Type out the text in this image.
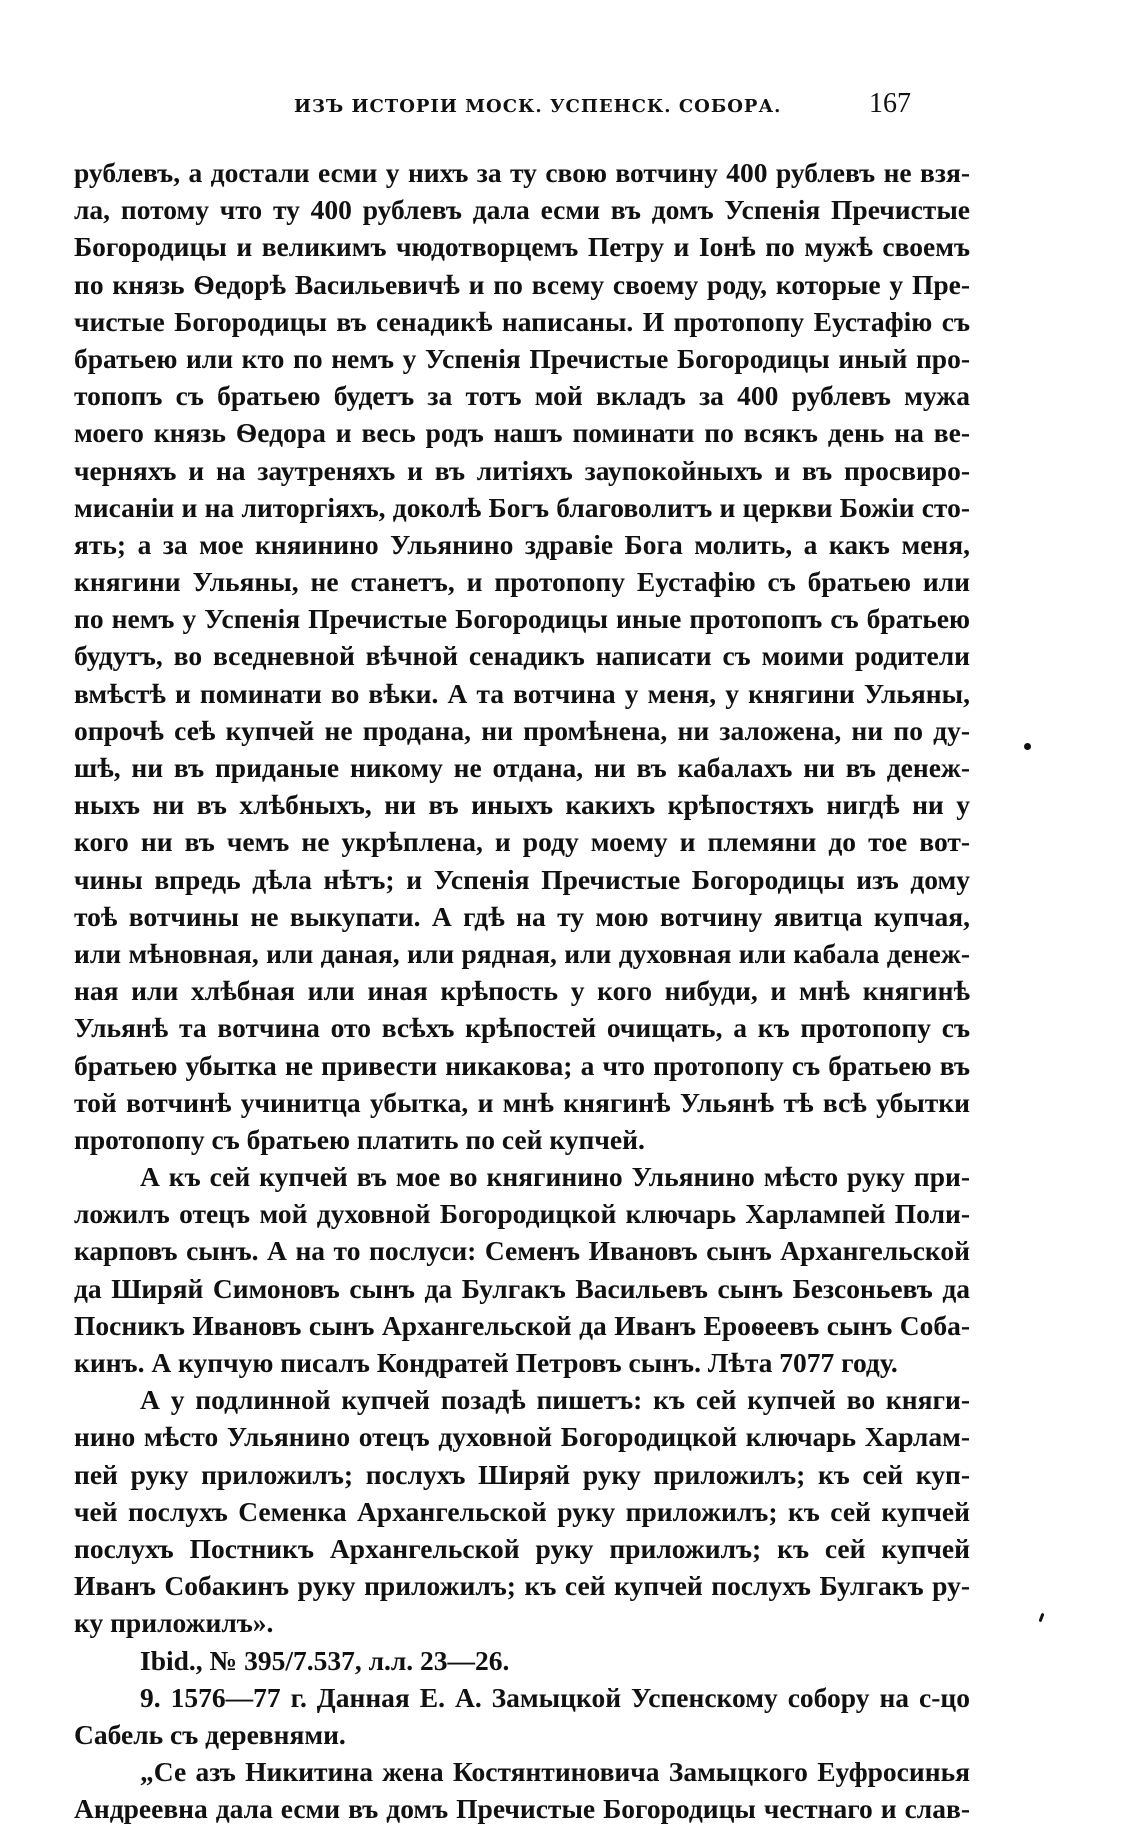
ИЗЪ ИСТОРІИ МОСК. УСПЕНСК. СОБОРА.	167
рублевъ, а достали есми у нихъ за ту свою вотчину 400 рублевъ не взя-
ла, потому что ту 400 рублевъ дала есми въ домъ Успенія Пречистые
Богородицы и великимъ чюдотворцемъ Петру и Іонѣ по мужѣ своемъ
по князь Ѳедорѣ Васильевичѣ и по всему своему роду, которые у Пре-
чистые Богородицы въ сенадикѣ написаны. И протопопу Еустафію съ
братьею или кто по немъ у Успенія Пречистые Богородицы иный про-
топопъ съ братьею будетъ за тотъ мой вкладъ за 400 рублевъ мужа
моего князь Ѳедора и весь родъ нашъ поминати по всякъ день на ве-
черняхъ и на заутреняхъ и въ литіяхъ заупокойныхъ и въ просвиро-
мисаніи и на литоргіяхъ, доколѣ Богъ благоволитъ и церкви Божіи сто-
ять; а за мое княинино Ульянино здравіе Бога молить, а какъ меня,
княгини Ульяны, не станетъ, и протопопу Еустафію съ братьею или
по немъ у Успенія Пречистые Богородицы иные протопопъ съ братьею
будутъ, во вседневной вѣчной сенадикъ написати съ моими родители
вмѣстѣ и поминати во вѣки. А та вотчина у меня, у княгини Ульяны,
опрочѣ сеѣ купчей не продана, ни промѣнена, ни заложена, ни по ду-
шѣ, ни въ приданые никому не отдана, ни въ кабалахъ ни въ денеж-
ныхъ ни въ хлѣбныхъ, ни въ иныхъ какихъ крѣпостяхъ нигдѣ ни у
кого ни въ чемъ не укрѣплена, и роду моему и племяни до тое вот-
чины впредь дѣла нѣтъ; и Успенія Пречистые Богородицы изъ дому
тоѣ вотчины не выкупати. А гдѣ на ту мою вотчину явитца купчая,
или мѣновная, или даная, или рядная, или духовная или кабала денеж-
ная или хлѣбная или иная крѣпость у кого нибуди, и мнѣ княгинѣ
Ульянѣ та вотчина ото всѣхъ крѣпостей очищать, а къ протопопу съ
братьею убытка не привести никакова; а что протопопу съ братьею въ
той вотчинѣ учинитца убытка, и мнѣ княгинѣ Ульянѣ тѣ всѣ убытки
протопопу съ братьею платить по сей купчей.
А къ сей купчей въ мое во княгинино Ульянино мѣсто руку при-
ложилъ отецъ мой духовной Богородицкой ключарь Харлампей Поли-
карповъ сынъ. А на то послуси: Семенъ Ивановъ сынъ Архангельской
да Ширяй Симоновъ сынъ да Булгакъ Васильевъ сынъ Безсоньевъ да
Посникъ Ивановъ сынъ Архангельской да Иванъ Ероѳеевъ сынъ Соба-
кинъ. А купчую писалъ Кондратей Петровъ сынъ. Лѣта 7077 году.
А у подлинной купчей позадѣ пишетъ: къ сей купчей во княги-
нино мѣсто Ульянино отецъ духовной Богородицкой ключарь Харлам-
пей руку приложилъ; послухъ Ширяй руку приложилъ; къ сей куп-
чей послухъ Семенка Архангельской руку приложилъ; къ сей купчей
послухъ Постникъ Архангельской руку приложилъ; къ сей купчей
Иванъ Собакинъ руку приложилъ; къ сей купчей послухъ Булгакъ ру-
ку приложилъ».
Ibid., № 395/7.537, л.л. 23—26.
9. 1576—77 г. Данная Е. А. Замыцкой Успенскому собору на с-цо
Сабель съ деревнями.
„Се азъ Никитина жена Костянтиновича Замыцкого Еуфросинья
Андреевна дала есми въ домъ Пречистые Богородицы честнаго и слав-
